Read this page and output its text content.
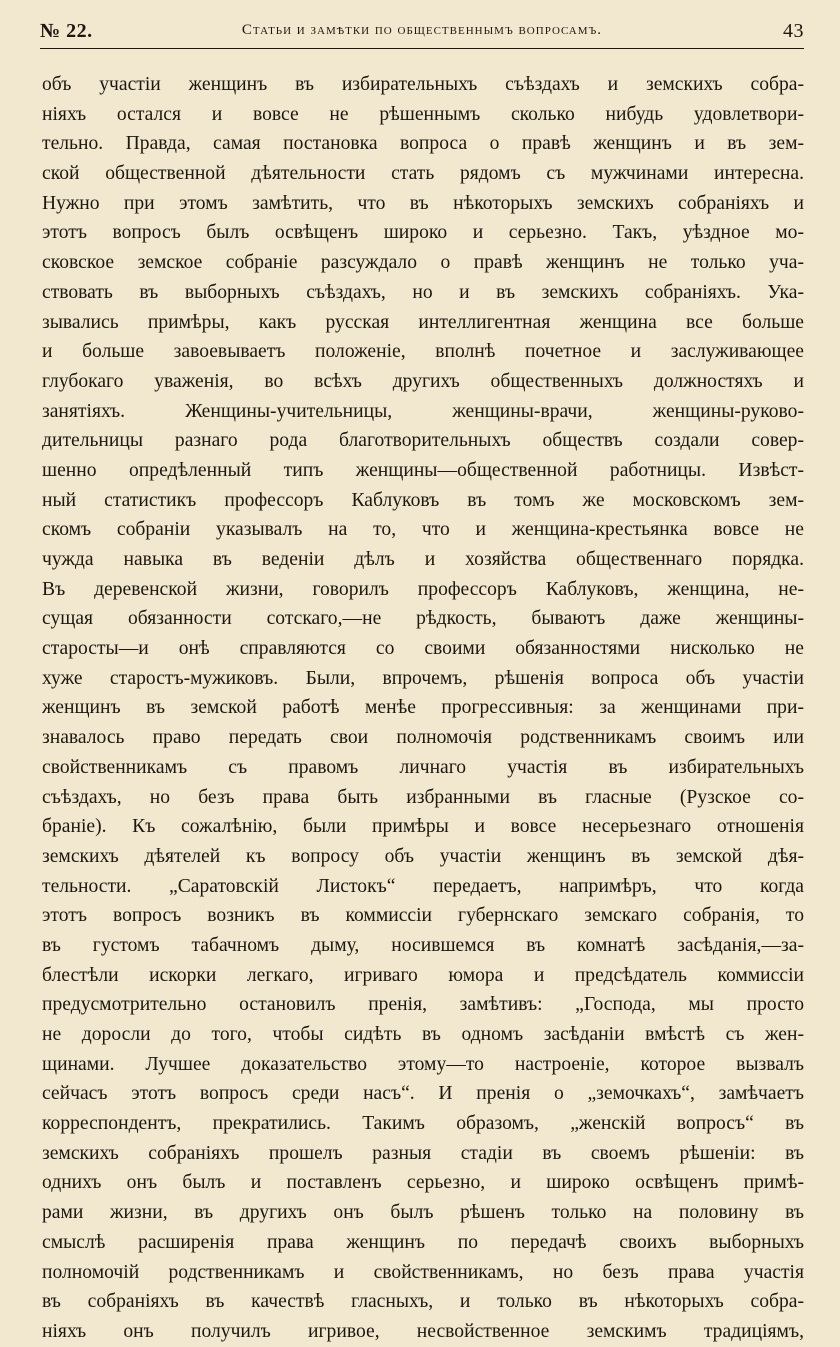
№ 22.	Статьи и замѣтки по общественнымъ вопросамъ.	43
объ участiи женщинъ въ избирательныхъ съѣздахъ и земскихъ собра-
нiяхъ остался и вовсе не рѣшеннымъ сколько нибудь удовлетвори-
тельно. Правда, самая постановка вопроса о правѣ женщинъ и въ зем-
ской общественной дѣятельности стать рядомъ съ мужчинами интересна.
Нужно при этомъ замѣтить, что въ нѣкоторыхъ земскихъ собранiяхъ и
этотъ вопросъ былъ освѣщенъ широко и серьезно. Такъ, уѣздное мо-
сковское земское собранiе разсуждало о правѣ женщинъ не только уча-
ствовать въ выборныхъ съѣздахъ, но и въ земскихъ собранiяхъ. Ука-
зывались примѣры, какъ русская интеллигентная женщина все больше
и больше завоевываетъ положенiе, вполнѣ почетное и заслуживающее
глубокаго уваженiя, во всѣхъ другихъ общественныхъ должностяхъ и
занятiяхъ. Женщины-учительницы, женщины-врачи, женщины-руково-
дительницы разнаго рода благотворительныхъ обществъ создали совер-
шенно опредѣленный типъ женщины—общественной работницы. Извѣст-
ный статистикъ профессоръ Каблуковъ въ томъ же московскомъ зем-
скомъ собранiи указывалъ на то, что и женщина-крестьянка вовсе не
чужда навыка въ веденiи дѣлъ и хозяйства общественнаго порядка.
Въ деревенской жизни, говорилъ профессоръ Каблуковъ, женщина, не-
сущая обязанности сотскаго,—не рѣдкость, бываютъ даже женщины-
старосты—и онѣ справляются со своими обязанностями нисколько не
хуже старостъ-мужиковъ. Были, впрочемъ, рѣшенiя вопроса объ участiи
женщинъ въ земской работѣ менѣе прогрессивныя: за женщинами при-
знавалось право передать свои полномочiя родственникамъ своимъ или
свойственникамъ съ правомъ личнаго участiя въ избирательныхъ
съѣздахъ, но безъ права быть избранными въ гласные (Рузское со-
бранiе). Къ сожалѣнiю, были примѣры и вовсе несерьезнаго отношенiя
земскихъ дѣятелей къ вопросу объ участiи женщинъ въ земской дѣя-
тельности. „Саратовскiй Листокъ“ передаетъ, напримѣръ, что когда
этотъ вопросъ возникъ въ коммиссiи губернскаго земскаго собранiя, то
въ густомъ табачномъ дыму, носившемся въ комнатѣ засѣданiя,—за-
блестѣли искорки легкаго, игриваго юмора и предсѣдатель коммиссiи
предусмотрительно остановилъ пренiя, замѣтивъ: „Господа, мы просто
не доросли до того, чтобы сидѣть въ одномъ засѣданiи вмѣстѣ съ жен-
щинами. Лучшее доказательство этому—то настроенiе, которое вызвалъ
сейчасъ этотъ вопросъ среди насъ“. И пренiя о „земочкахъ“, замѣчаетъ
корреспондентъ, прекратились. Такимъ образомъ, „женскiй вопросъ“ въ
земскихъ собранiяхъ прошелъ разныя стадiи въ своемъ рѣшенiи: въ
однихъ онъ былъ и поставленъ серьезно, и широко освѣщенъ примѣ-
рами жизни, въ другихъ онъ былъ рѣшенъ только на половину въ
смыслѣ расширенiя права женщинъ по передачѣ своихъ выборныхъ
полномочiй родственникамъ и свойственникамъ, но безъ права участiя
въ собранiяхъ въ качествѣ гласныхъ, и только въ нѣкоторыхъ собра-
нiяхъ онъ получилъ игривое, несвойственное земскимъ традицiямъ,
